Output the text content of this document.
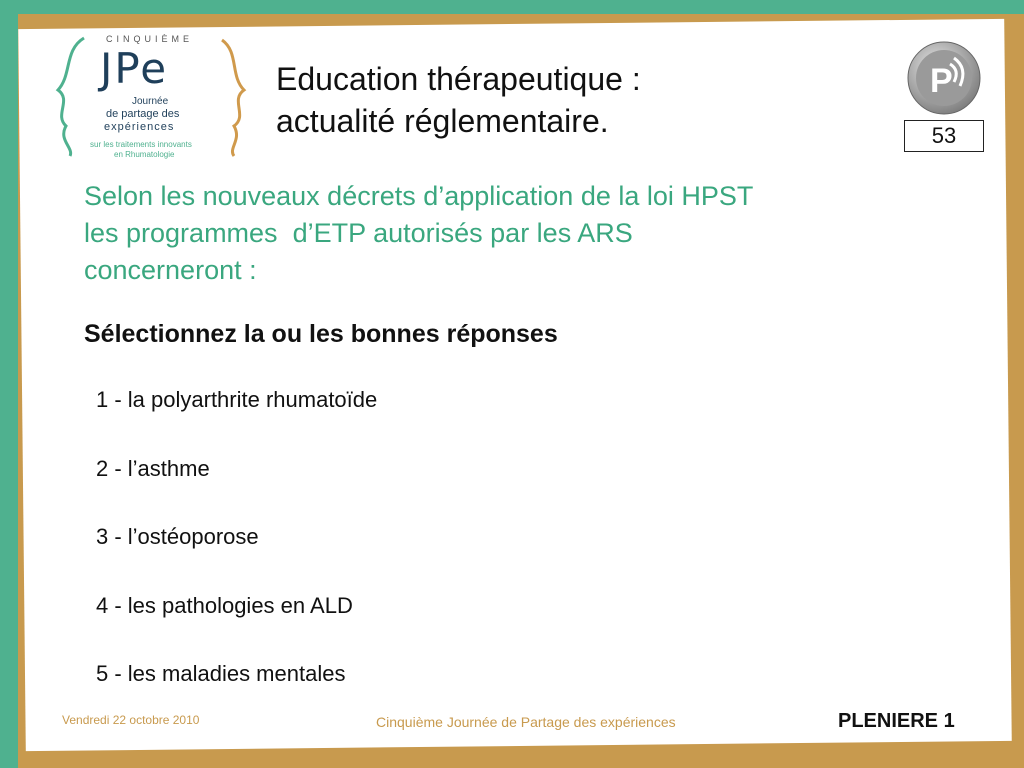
CINQUIÈME
JPe
Journée
de partage des
expériences
sur les traitements innovants
en Rhumatologie
Education thérapeutique :
actualité réglementaire.
P
53
Selon les nouveaux décrets d’application de la loi HPST
les programmes  d’ETP autorisés par les ARS
concerneront :
Sélectionnez la ou les bonnes réponses
1 - la polyarthrite rhumatoïde
2 - l’asthme
3 - l’ostéoporose
4 - les pathologies en ALD
5 - les maladies mentales
Vendredi 22 octobre 2010	Cinquième Journée de Partage des expériences	PLENIERE 1
